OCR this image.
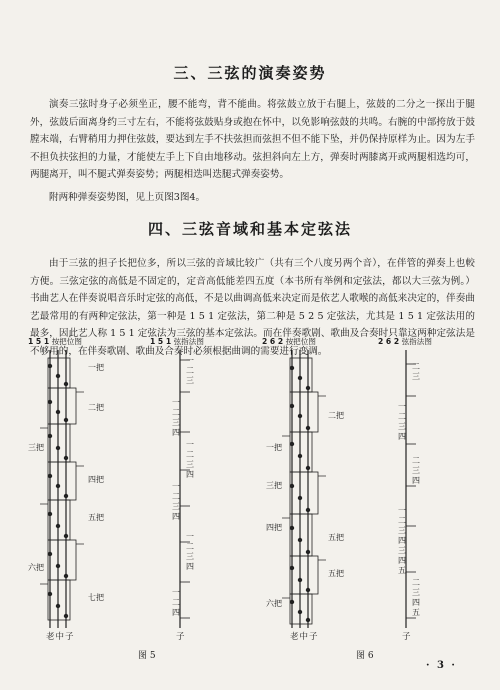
三、三弦的演奏姿势
演奏三弦时身子必须坐正，腰不能弯，背不能曲。将弦鼓立放于右腿上，弦鼓的二分之一探出于腿外，弦鼓后面离身约三寸左右，不能将弦鼓贴身或抱在怀中，以免影响弦鼓的共鸣。右腕的中部挎放于鼓膛末端，右臂稍用力押住弦鼓，要达到左手不扶弦担而弦担不但不能下坠，并仍保持原样为止。因为左手不担负扶弦担的力量，才能使左手上下自由地移动。弦担斜向左上方，弹奏时两膝离开或两腿相选均可，两腿离开，叫不腿式弹奏姿势；两腿相迭叫迭腿式弹奏姿势。
附两种弹奏姿势图，见上页图3图4。
四、三弦音域和基本定弦法
由于三弦的担子长把位多，所以三弦的音域比较广（共有三个八度另两个音），在伴管的弹奏上也較方便。三弦定弦的高低是不固定的，定音高低能差四五度（本书所有举例和定弦法，都以大三弦为例。）书曲艺人在伴奏说唱音乐时定弦的高低，不是以曲调高低来决定而是依艺人歌喉的高低来决定的，伴奏曲艺最常用的有两种定弦法，第一种是 1 5 1 定弦法，第二种是 5 2 5 定弦法，尤其是 1 5 1 定弦法用的最多，因此艺人称 1 5 1 定弦法为三弦的基本定弦法。而在伴奏歌剧、歌曲及合奏时只靠这两种定弦法是不够用的，在伴奏歌剧、歌曲及合奏时必须根据曲调的需要进行变调。
1 5 1 按把位图
一把
二把
三把
四把
五把
六把
七把
老中子
1 5 1 弦指法图
一
二
三
一
二
三
四
一
二
三
四
一
二
三
四
一
二
三
四
一
二
四
子
2 6 2 按把位图
一把
二把
三把
四把
五把
六把
五把
老中子
2 6 2 弦指法图
二
三
一
二
三
四
二
三
四
一
二
三
四
三
四
五
二
三
四
五
子
图 5	图 6
· 3 ·
